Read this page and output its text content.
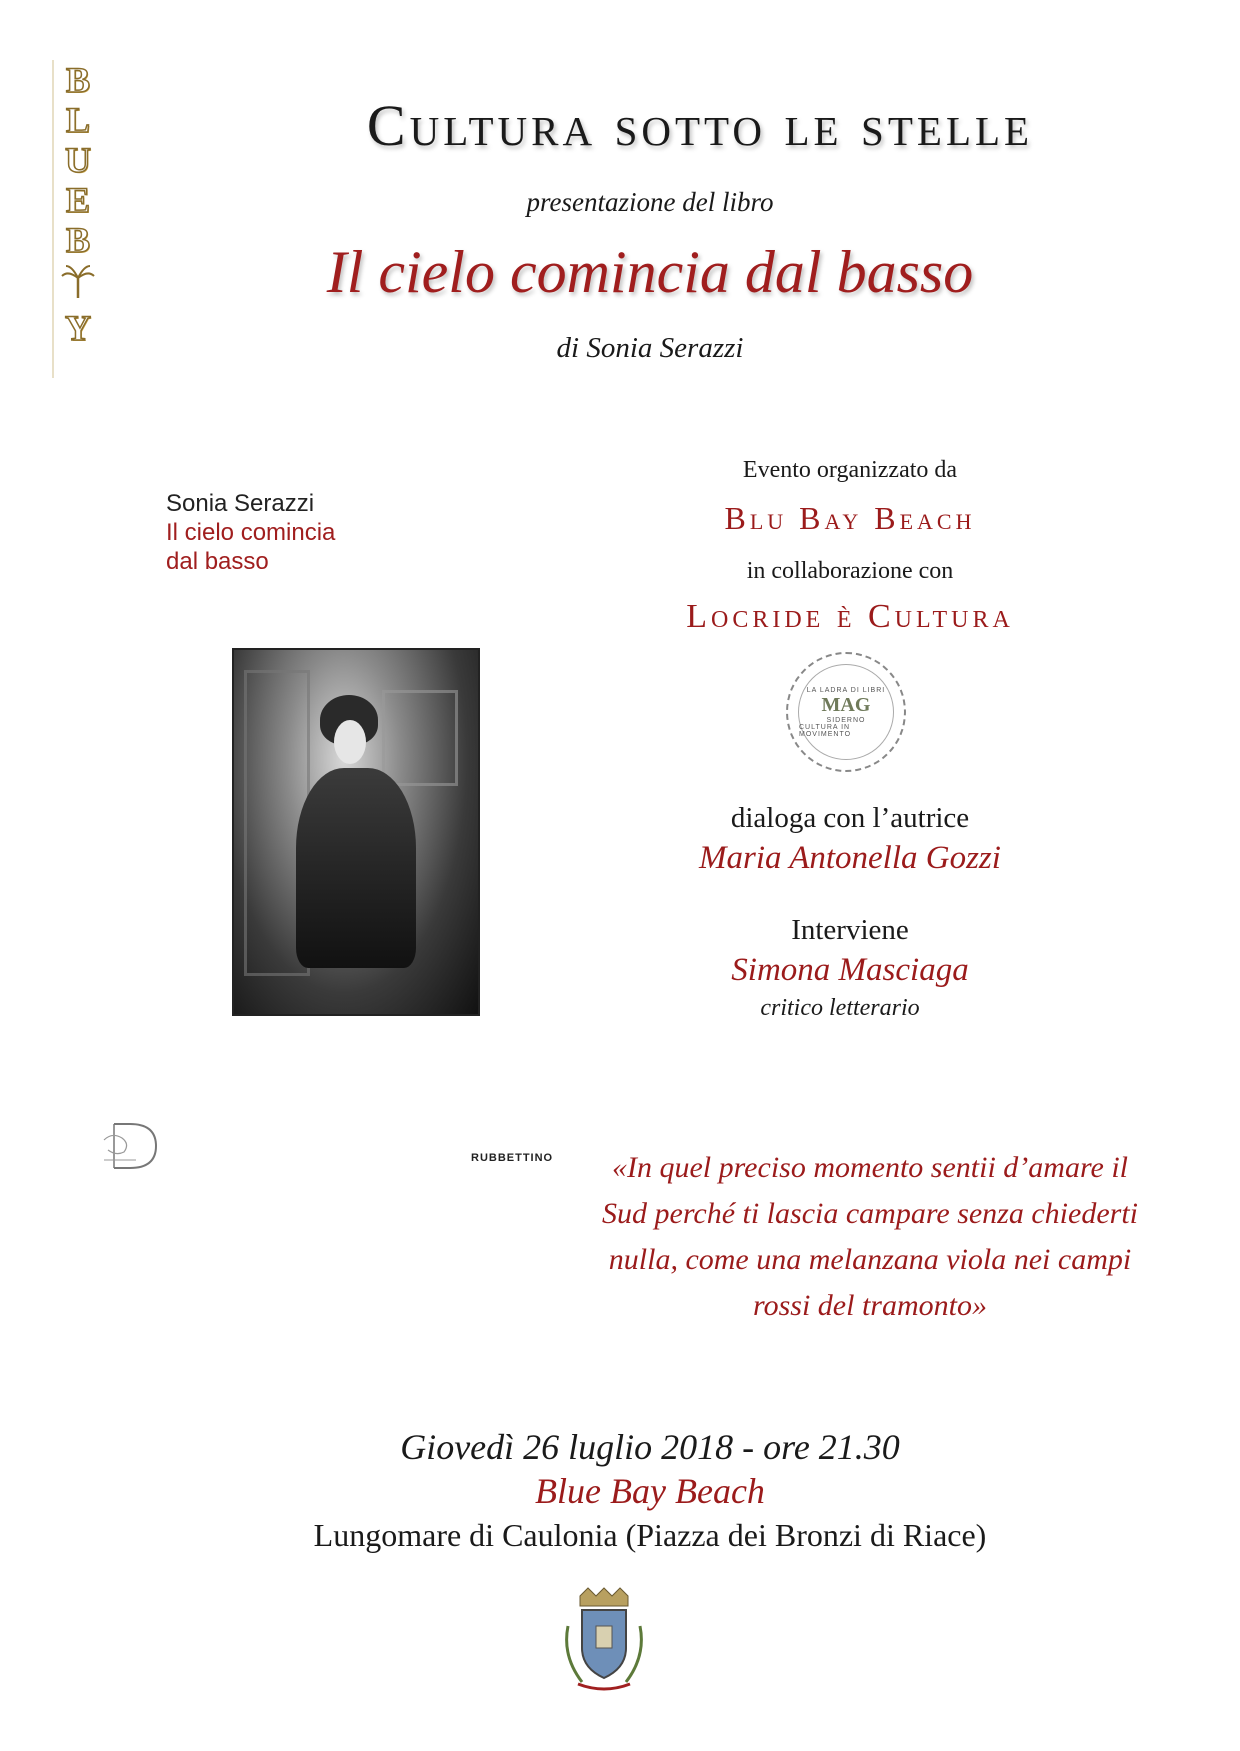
B
L
U
E
B
Y
Cultura sotto le stelle
presentazione del libro
Il cielo comincia dal basso
di Sonia Serazzi
Sonia Serazzi
Il cielo comincia
dal basso
RUBBETTINO
Evento organizzato da
Blu Bay Beach
in collaborazione con
Locride è Cultura
LA LADRA DI LIBRI
MAG
SIDERNO
CULTURA IN MOVIMENTO
dialoga con l’autrice
Maria Antonella Gozzi
Interviene
Simona Masciaga
critico letterario
«In quel preciso momento sentii d’amare il
Sud perché ti lascia campare senza chiederti
nulla, come una melanzana viola nei campi
rossi del tramonto»
Giovedì 26 luglio 2018 - ore 21.30
Blue Bay Beach
Lungomare di Caulonia (Piazza dei Bronzi di Riace)
